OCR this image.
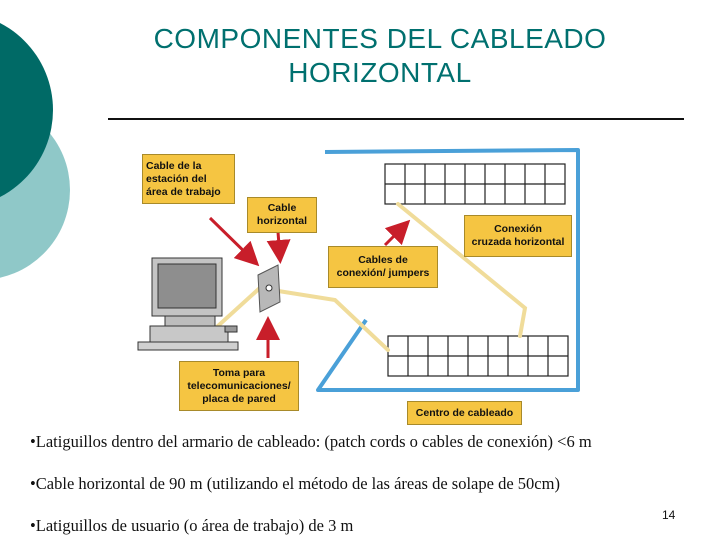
COMPONENTES DEL CABLEADO
HORIZONTAL
Cable de la
estación del
área de trabajo
Cable
horizontal
Conexión
cruzada horizontal
Cables de
conexión/ jumpers
Toma para
telecomunicaciones/
placa de pared
Centro de cableado
•Latiguillos dentro del armario de cableado: (patch cords o cables de conexión) <6 m
•Cable horizontal de 90 m (utilizando el método de las áreas de solape de 50cm)
•Latiguillos de usuario (o área de trabajo) de 3 m
14
